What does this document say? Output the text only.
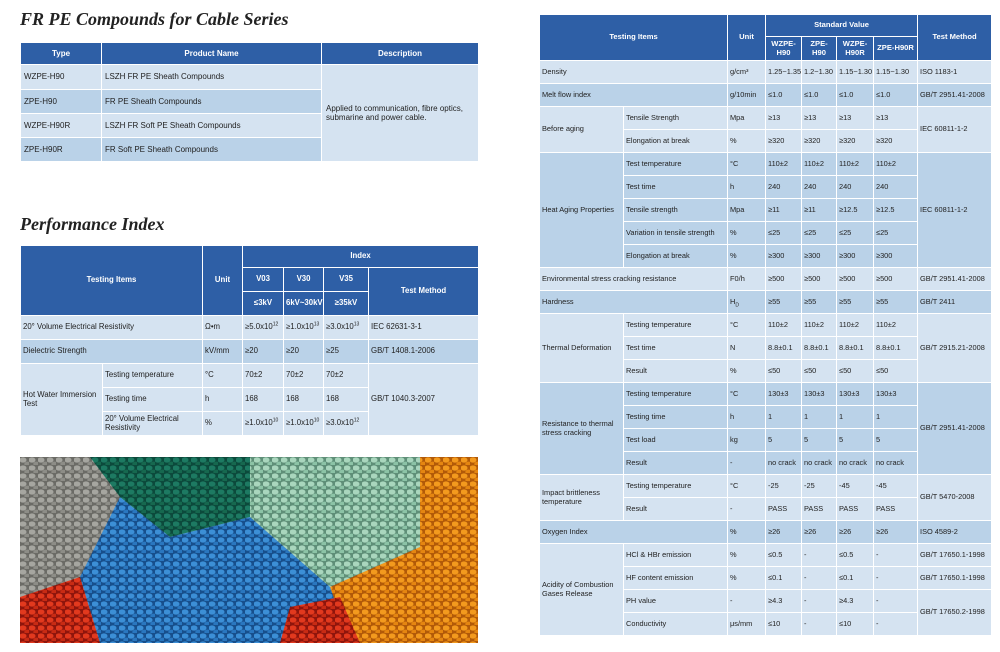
FR PE Compounds for Cable Series
Type	Product Name	Description
WZPE-H90	LSZH FR PE Sheath Compounds	Applied to communication, fibre optics, submarine and power cable.
ZPE-H90	FR PE Sheath Compounds	
WZPE-H90R	LSZH FR Soft PE Sheath Compounds	
ZPE-H90R	FR Soft PE Sheath Compounds	
Performance Index
Testing Items		Unit	Index			
			V03	V30	V35	Test Method
			≤3kV	6kV~30kV	≥35kV	
20° Volume Electrical Resistivity		Ω•m	$\ge 5.0x10^{12}$	$\ge 1.0x10^{13}$	$\ge 3.0x10^{13}$	IEC 62631-3-1
Dielectric Strength		kV/mm	≥20	≥20	≥25	GB/T 1408.1-2006
Hot Water Immersion Test	Testing temperature	°C	70±2	70±2	70±2	GB/T 1040.3-2007
	Testing time	h	168	168	168	
	20° Volume Electrical Resistivity	%	$\ge 1.0x10^{10}$	$\ge 1.0x10^{10}$	$\ge 3.0x10^{12}$
Testing Items		Unit	Standard Value				Test Method
			WZPE-H90	ZPE-H90	WZPE-H90R	ZPE-H90R	
Density		g/cm³	1.25~1.35	1.2~1.30	1.15~1.30	1.15~1.30	ISO 1183-1
Melt flow index		g/10min	≤1.0	≤1.0	≤1.0	≤1.0	GB/T 2951.41-2008
Before aging	Tensile Strength	Mpa	≥13	≥13	≥13	≥13	IEC 60811-1-2
	Elongation at break	%	≥320	≥320	≥320	≥320	
Heat Aging Properties	Test temperature	°C	110±2	110±2	110±2	110±2	IEC 60811-1-2
	Test time	h	240	240	240	240	
	Tensile strength	Mpa	≥11	≥11	≥12.5	≥12.5	
	Variation in tensile strength	%	≤25	≤25	≤25	≤25	
	Elongation at break	%	≥300	≥300	≥300	≥300	
Environmental stress cracking resistance		F0/h	≥500	≥500	≥500	≥500	GB/T 2951.41-2008
Hardness		$H_D$	≥55	≥55	≥55	≥55	GB/T 2411
Thermal Deformation	Testing temperature	°C	110±2	110±2	110±2	110±2	GB/T 2915.21-2008
	Test time	N	8.8±0.1	8.8±0.1	8.8±0.1	8.8±0.1	
	Result	%	≤50	≤50	≤50	≤50	
Resistance to thermal stress cracking	Testing temperature	°C	130±3	130±3	130±3	130±3	GB/T 2951.41-2008
	Testing time	h	1	1	1	1	
	Test load	kg	5	5	5	5	
	Result	-	no crack	no crack	no crack	no crack	
Impact brittleness temperature	Testing temperature	°C	-25	-25	-45	-45	GB/T 5470-2008
	Result	-	PASS	PASS	PASS	PASS	
Oxygen Index		%	≥26	≥26	≥26	≥26	ISO 4589-2
Acidity of Combustion Gases Release	HCl & HBr emission	%	≤0.5	-	≤0.5	-	GB/T 17650.1-1998
	HF content emission	%	≤0.1	-	≤0.1	-	GB/T 17650.1-1998
	PH value	-	≥4.3	-	≥4.3	-	GB/T 17650.2-1998
	Conductivity	μs/mm	≤10	-	≤10	-	
